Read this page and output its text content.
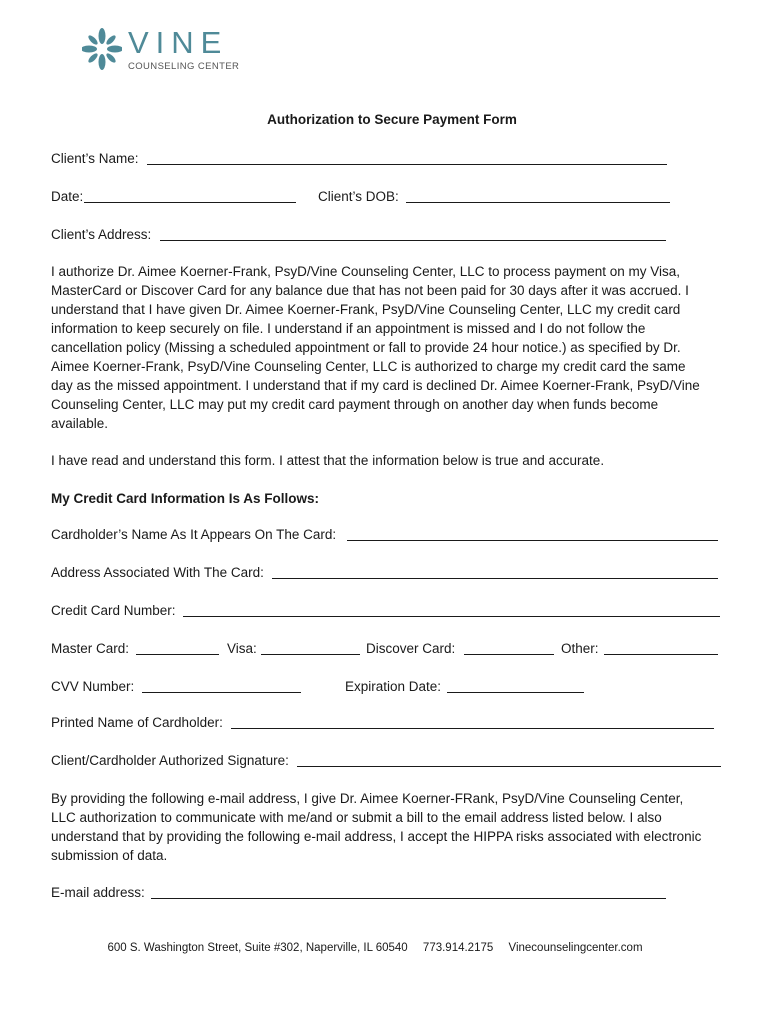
VINE
COUNSELING CENTER
Authorization to Secure Payment Form
Client’s Name:
Date:	Client’s DOB:
Client’s Address:
I authorize Dr. Aimee Koerner-Frank, PsyD/Vine Counseling Center, LLC to process payment on my Visa,
MasterCard or Discover Card for any balance due that has not been paid for 30 days after it was accrued. I
understand that I have given Dr. Aimee Koerner-Frank, PsyD/Vine Counseling Center, LLC my credit card
information to keep securely on file. I understand if an appointment is missed and I do not follow the
cancellation policy (Missing a scheduled appointment or fall to provide 24 hour notice.) as specified by Dr.
Aimee Koerner-Frank, PsyD/Vine Counseling Center, LLC is authorized to charge my credit card the same
day as the missed appointment. I understand that if my card is declined Dr. Aimee Koerner-Frank, PsyD/Vine
Counseling Center, LLC may put my credit card payment through on another day when funds become
available.
I have read and understand this form. I attest that the information below is true and accurate.
My Credit Card Information Is As Follows:
Cardholder’s Name As It Appears On The Card:
Address Associated With The Card:
Credit Card Number:
Master Card:	Visa:	Discover Card:	Other:
CVV Number:	Expiration Date:
Printed Name of Cardholder:
Client/Cardholder Authorized Signature:
By providing the following e-mail address, I give Dr. Aimee Koerner-FRank, PsyD/Vine Counseling Center,
LLC authorization to communicate with me/and or submit a bill to the email address listed below. I also
understand that by providing the following e-mail address, I accept the HIPPA risks associated with electronic
submission of data.
E-mail address:
600 S. Washington Street, Suite #302, Naperville, IL 60540 773.914.2175 Vinecounselingcenter.com
